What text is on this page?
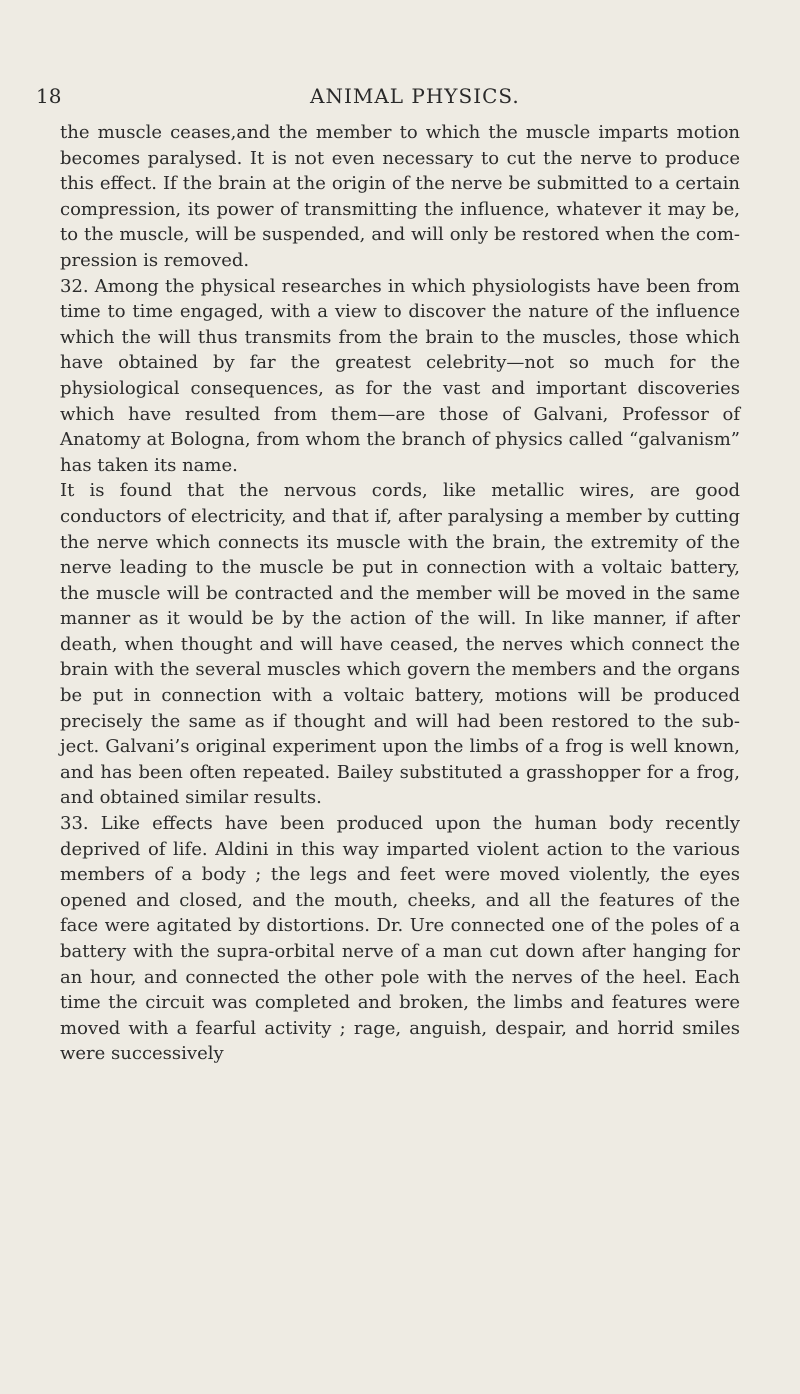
18	ANIMAL PHYSICS.

the muscle ceases,and the member to which the muscle imparts motion becomes paralysed. It is not even necessary to cut the nerve to produce this effect. If the brain at the origin of the nerve be submitted to a certain compression, its power of transmitting the influence, whatever it may be, to the muscle, will be suspended, and will only be restored when the com- pression is removed.

32. Among the physical researches in which physiologists have been from time to time engaged, with a view to discover the nature of the influence which the will thus transmits from the brain to the muscles, those which have obtained by far the greatest celebrity—not so much for the physiological consequences, as for the vast and important discoveries which have resulted from them—are those of Galvani, Professor of Anatomy at Bologna, from whom the branch of physics called “galvanism” has taken its name.

It is found that the nervous cords, like metallic wires, are good conductors of electricity, and that if, after paralysing a member by cutting the nerve which connects its muscle with the brain, the extremity of the nerve leading to the muscle be put in connection with a voltaic battery, the muscle will be contracted and the member will be moved in the same manner as it would be by the action of the will. In like manner, if after death, when thought and will have ceased, the nerves which connect the brain with the several muscles which govern the members and the organs be put in connection with a voltaic battery, motions will be produced precisely the same as if thought and will had been restored to the sub- ject. Galvani’s original experiment upon the limbs of a frog is well known, and has been often repeated. Bailey substituted a grasshopper for a frog, and obtained similar results.

33. Like effects have been produced upon the human body recently deprived of life. Aldini in this way imparted violent action to the various members of a body ; the legs and feet were moved violently, the eyes opened and closed, and the mouth, cheeks, and all the features of the face were agitated by distortions. Dr. Ure connected one of the poles of a battery with the supra-orbital nerve of a man cut down after hanging for an hour, and connected the other pole with the nerves of the heel. Each time the circuit was completed and broken, the limbs and features were moved with a fearful activity ; rage, anguish, despair, and horrid smiles were successively
